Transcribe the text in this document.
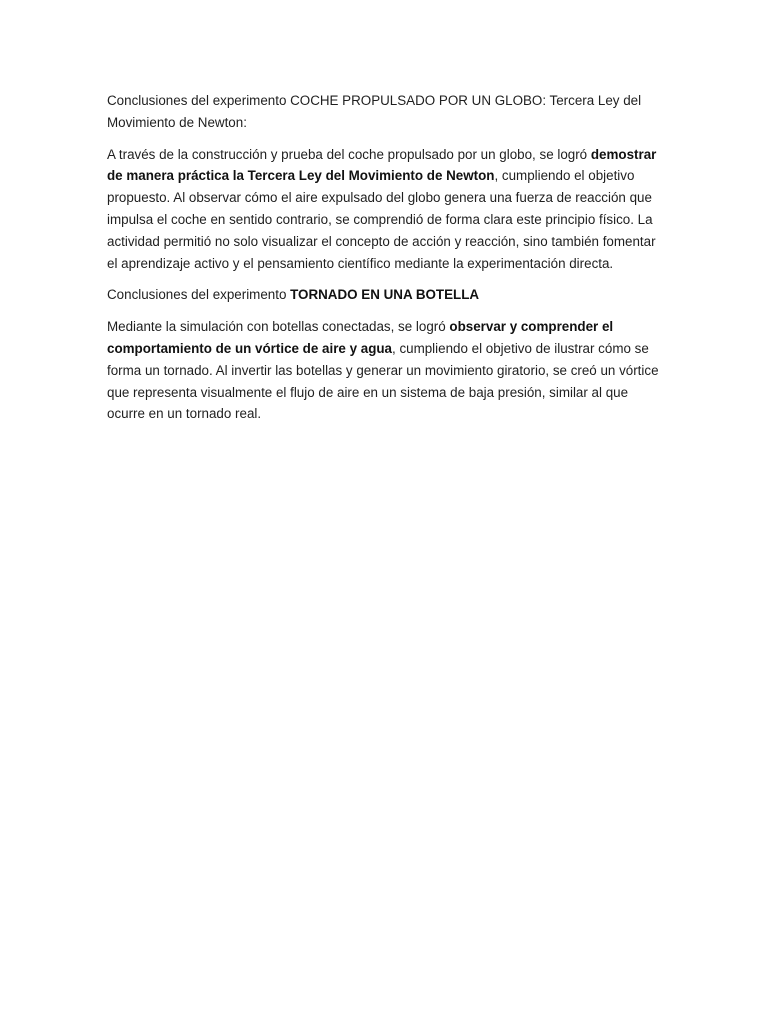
Conclusiones del experimento COCHE PROPULSADO POR UN GLOBO: Tercera Ley del Movimiento de Newton:

A través de la construcción y prueba del coche propulsado por un globo, se logró demostrar de manera práctica la Tercera Ley del Movimiento de Newton, cumpliendo el objetivo propuesto. Al observar cómo el aire expulsado del globo genera una fuerza de reacción que impulsa el coche en sentido contrario, se comprendió de forma clara este principio físico. La actividad permitió no solo visualizar el concepto de acción y reacción, sino también fomentar el aprendizaje activo y el pensamiento científico mediante la experimentación directa.

Conclusiones del experimento TORNADO EN UNA BOTELLA

Mediante la simulación con botellas conectadas, se logró observar y comprender el comportamiento de un vórtice de aire y agua, cumpliendo el objetivo de ilustrar cómo se forma un tornado. Al invertir las botellas y generar un movimiento giratorio, se creó un vórtice que representa visualmente el flujo de aire en un sistema de baja presión, similar al que ocurre en un tornado real.
